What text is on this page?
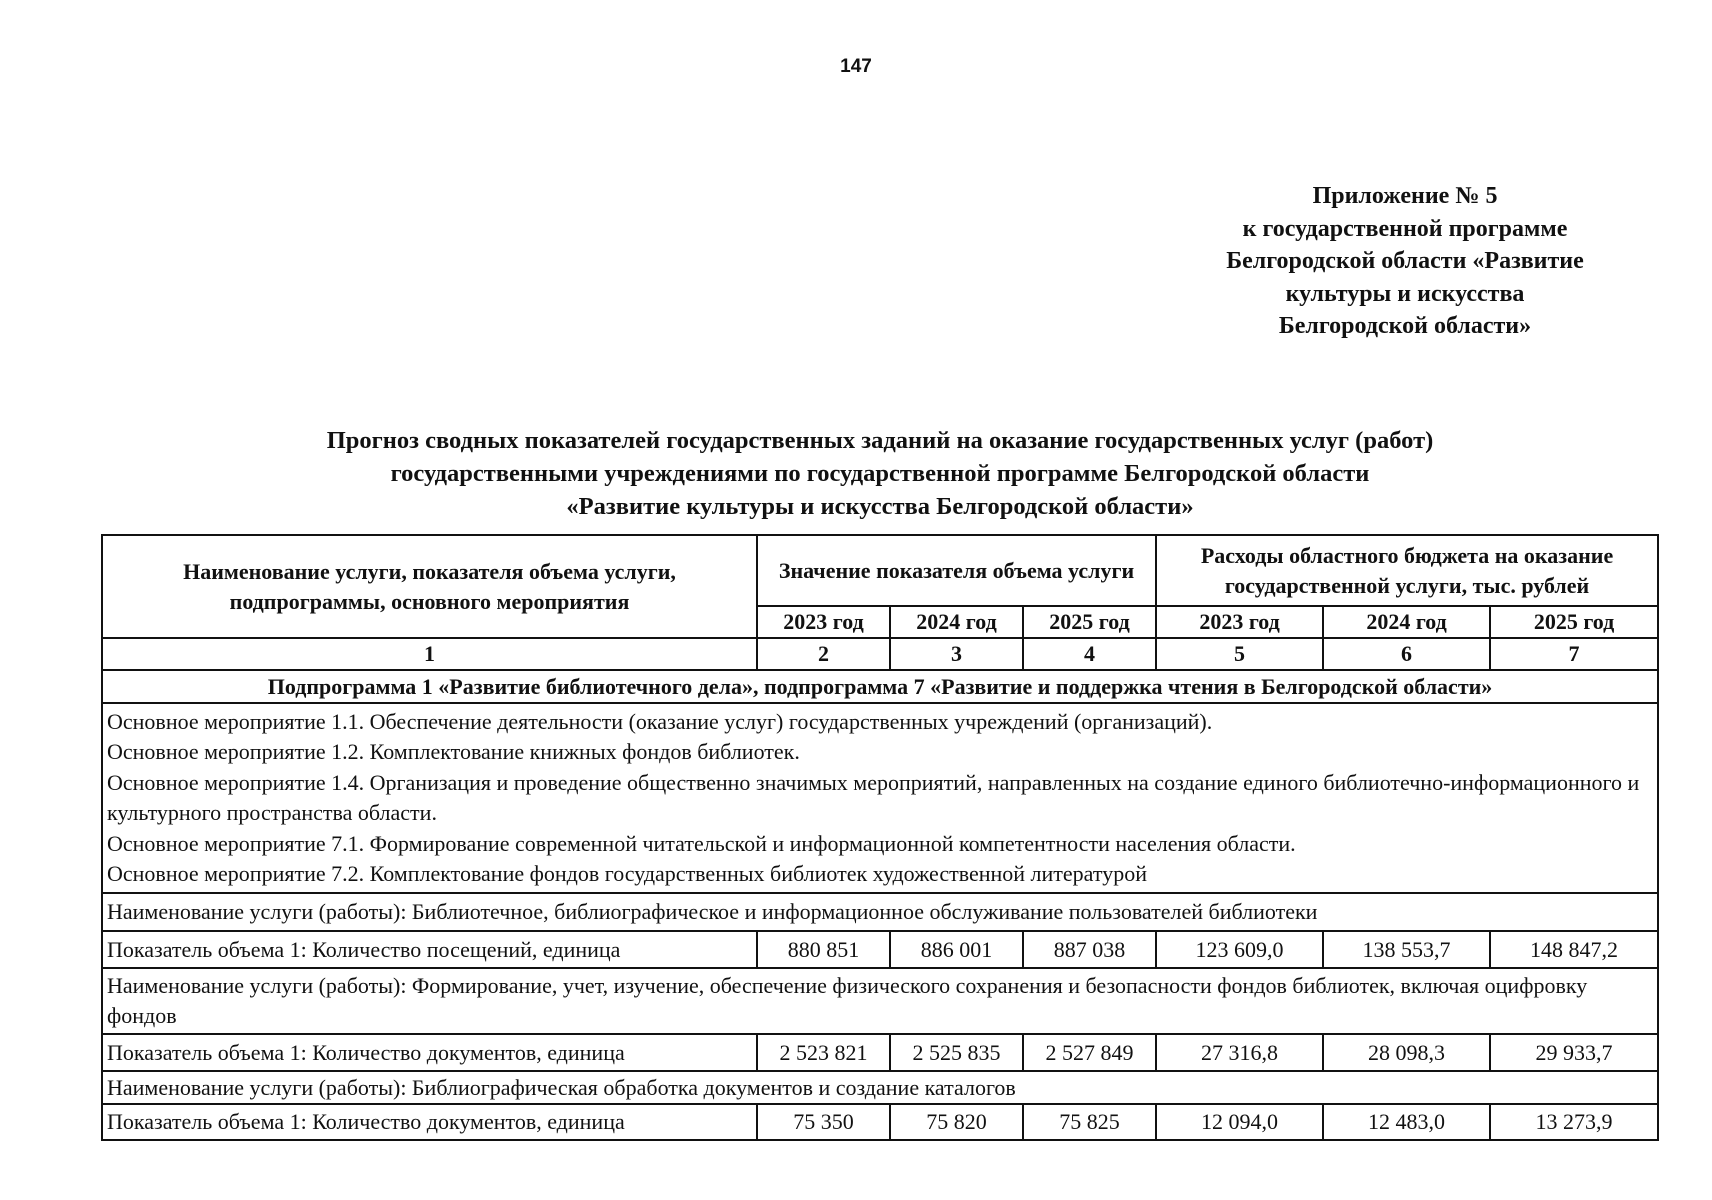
147
Приложение № 5
к государственной программе
Белгородской области «Развитие
культуры и искусства
Белгородской области»
Прогноз сводных показателей государственных заданий на оказание государственных услуг (работ)
государственными учреждениями по государственной программе Белгородской области
«Развитие культуры и искусства Белгородской области»
Наименование услуги, показателя объема услуги, подпрограммы, основного мероприятия	Значение показателя объема услуги			Расходы областного бюджета на оказание государственной услуги, тыс. рублей		
	2023 год	2024 год	2025 год	2023 год	2024 год	2025 год
1	2	3	4	5	6	7
Подпрограмма 1 «Развитие библиотечного дела», подпрограмма 7 «Развитие и поддержка чтения в Белгородской области»						

Основное мероприятие 1.1. Обеспечение деятельности (оказание услуг) государственных учреждений (организаций).
Основное мероприятие 1.2. Комплектование книжных фондов библиотек.
Основное мероприятие 1.4. Организация и проведение общественно значимых мероприятий, направленных на создание единого библиотечно-информационного и культурного пространства области.
Основное мероприятие 7.1. Формирование современной читательской и информационной компетентности населения области.
Основное мероприятие 7.2. Комплектование фондов государственных библиотек художественной литературой						

Наименование услуги (работы): Библиотечное, библиографическое и информационное обслуживание пользователей библиотеки						
Показатель объема 1: Количество посещений, единица	880 851	886 001	887 038	123 609,0	138 553,7	148 847,2
Наименование услуги (работы): Формирование, учет, изучение, обеспечение физического сохранения и безопасности фондов библиотек, включая оцифровку фондов						
Показатель объема 1: Количество документов, единица	2 523 821	2 525 835	2 527 849	27 316,8	28 098,3	29 933,7
Наименование услуги (работы): Библиографическая обработка документов и создание каталогов						
Показатель объема 1: Количество документов, единица	75 350	75 820	75 825	12 094,0	12 483,0	13 273,9
